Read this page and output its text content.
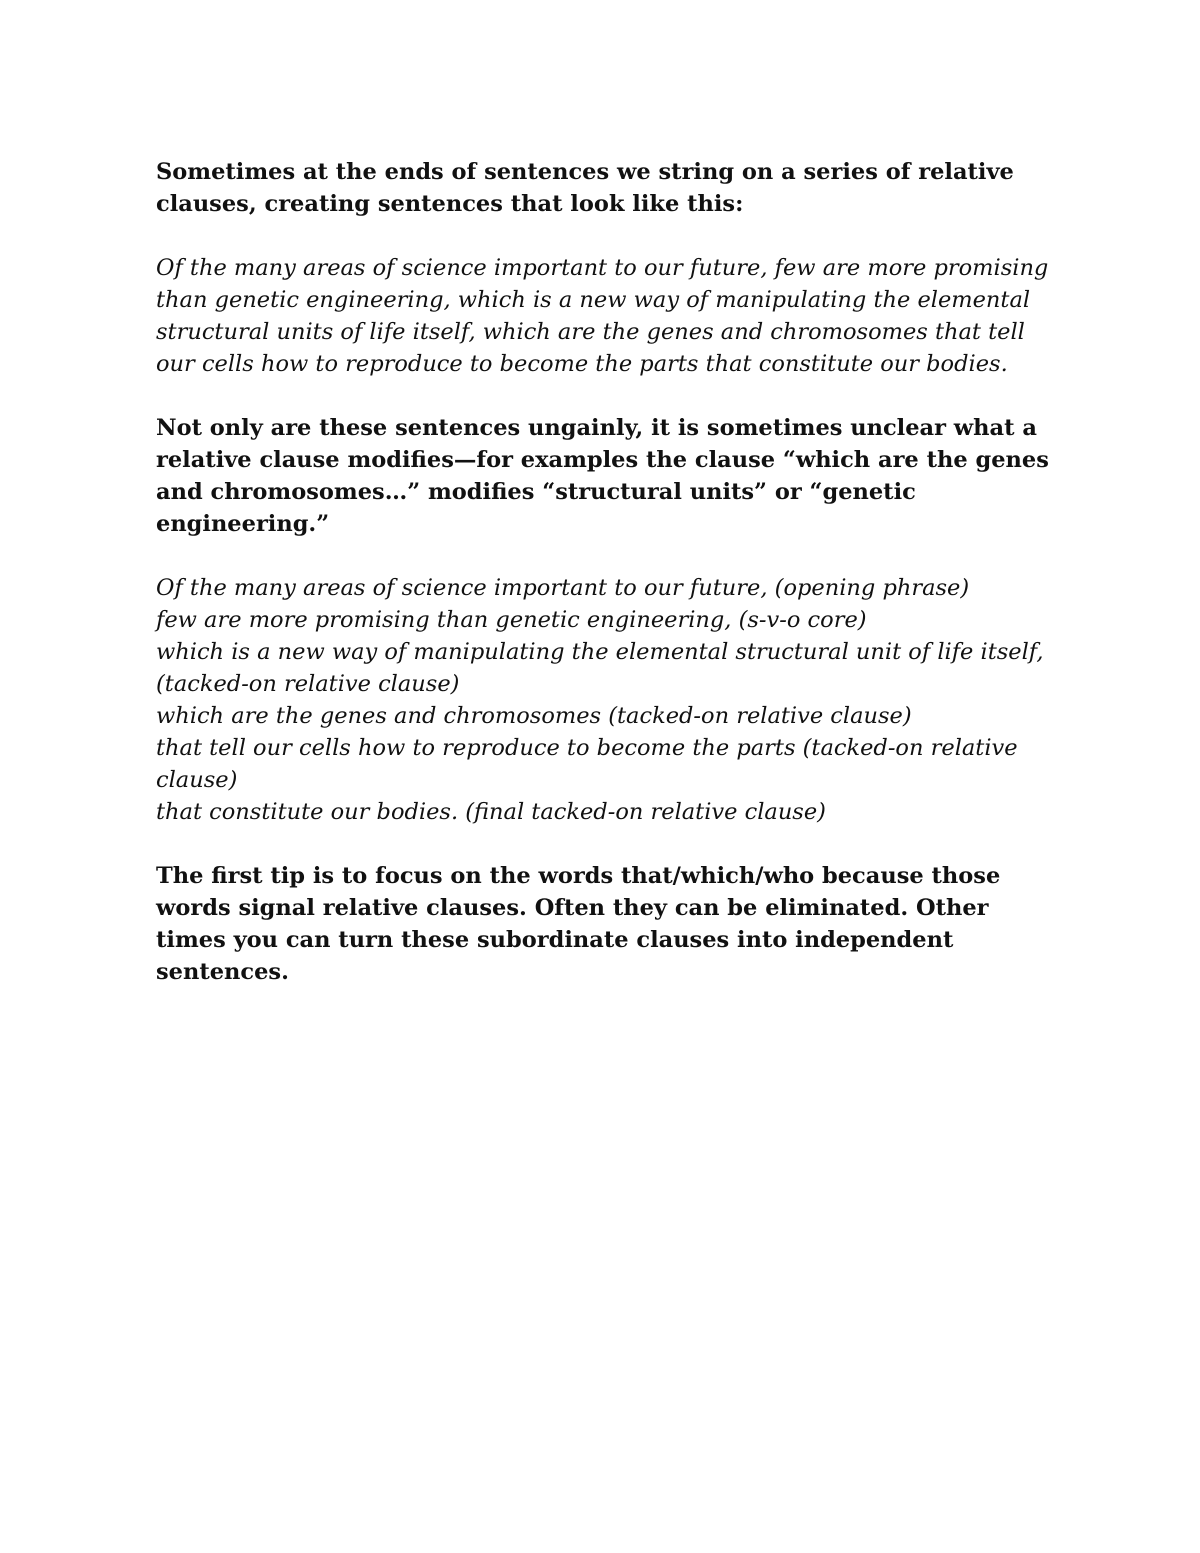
Sometimes at the ends of sentences we string on a series of relative clauses, creating sentences that look like this:

Of the many areas of science important to our future, few are more promising than genetic engineering, which is a new way of manipulating the elemental structural units of life itself, which are the genes and chromosomes that tell our cells how to reproduce to become the parts that constitute our bodies.

Not only are these sentences ungainly, it is sometimes unclear what a relative clause modifies—for examples the clause “which are the genes and chromosomes…” modifies “structural units” or “genetic engineering.”

Of the many areas of science important to our future, (opening phrase)
few are more promising than genetic engineering, (s-v-o core)
which is a new way of manipulating the elemental structural unit of life itself, (tacked-on relative clause)
which are the genes and chromosomes (tacked-on relative clause)
that tell our cells how to reproduce to become the parts (tacked-on relative clause)
that constitute our bodies. (final tacked-on relative clause)

The first tip is to focus on the words that/which/who because those words signal relative clauses. Often they can be eliminated. Other times you can turn these subordinate clauses into independent sentences.
